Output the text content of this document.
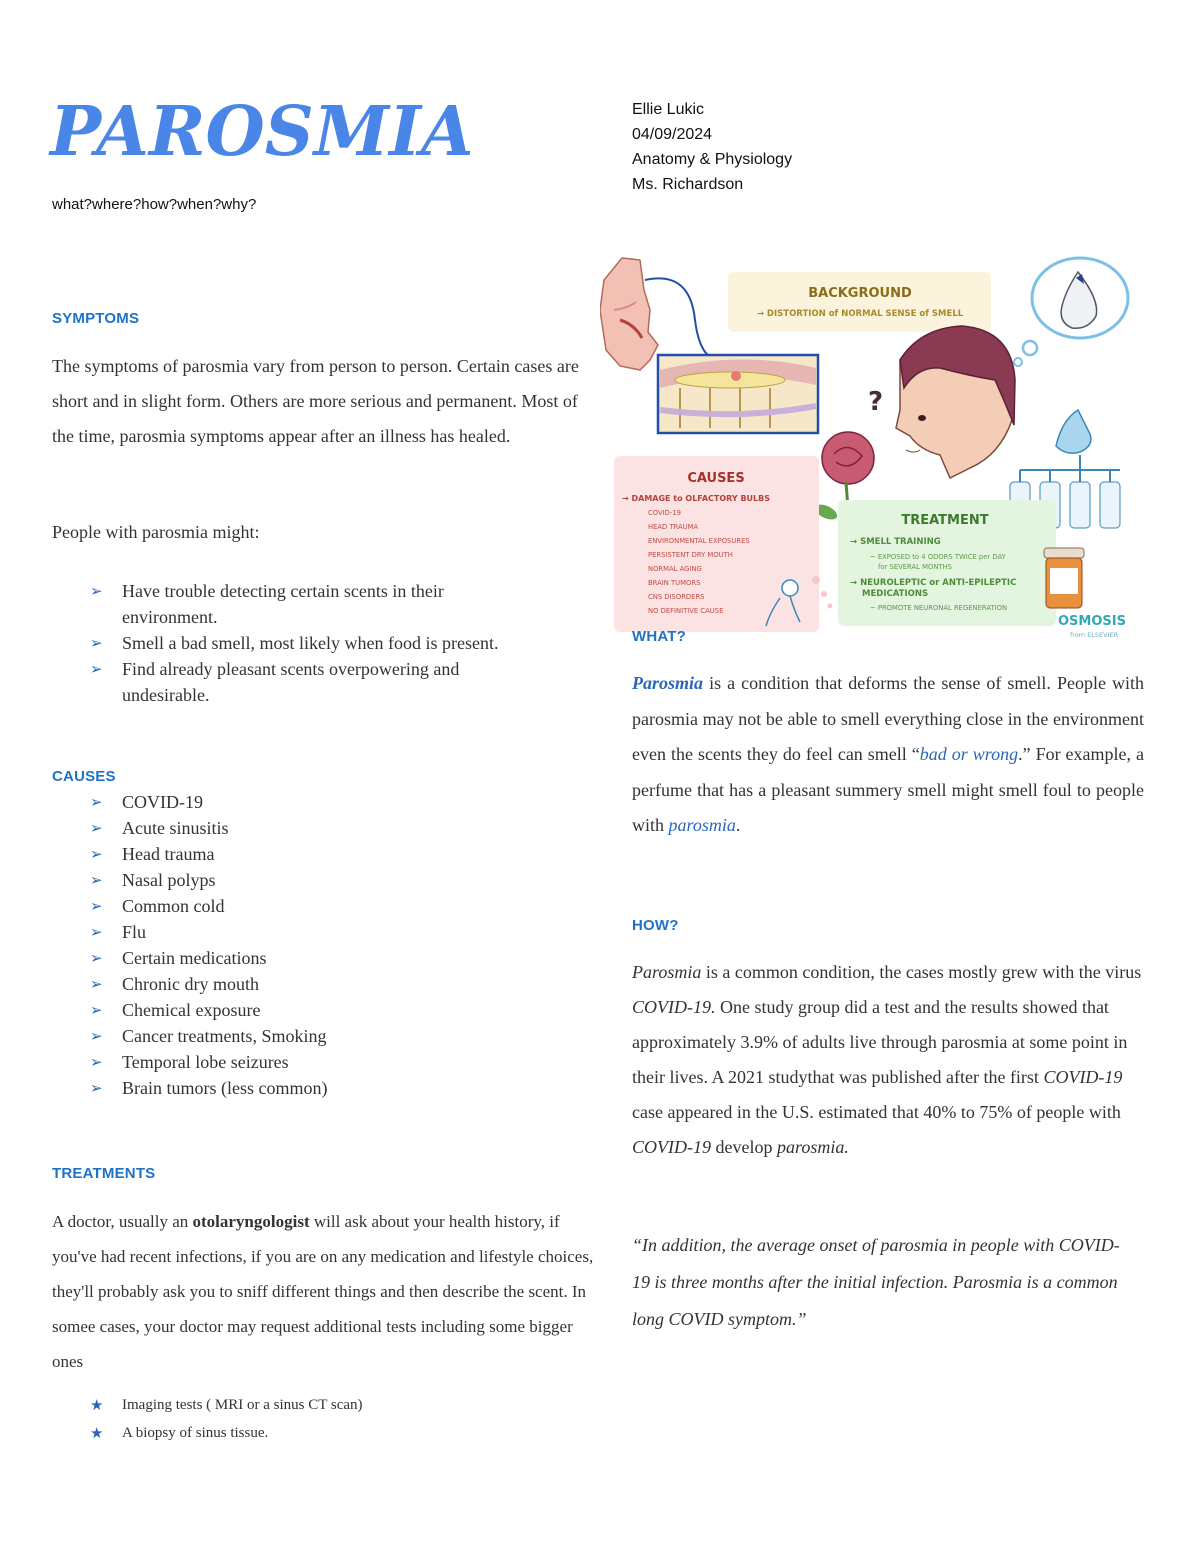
PAROSMIA
what?where?how?when?why?
Ellie Lukic
04/09/2024
Anatomy & Physiology
Ms. Richardson
SYMPTOMS

The symptoms of parosmia vary from person to person. Certain cases are short and in slight form. Others are more serious and permanent. Most of the time, parosmia symptoms appear after an illness has healed.

People with parosmia might:

➢ Have trouble detecting certain scents in their environment.
➢ Smell a bad smell, most likely when food is present.
➢ Find already pleasant scents overpowering and undesirable.
CAUSES
➢ COVID-19
➢ Acute sinusitis
➢ Head trauma
➢ Nasal polyps
➢ Common cold
➢ Flu
➢ Certain medications
➢ Chronic dry mouth
➢ Chemical exposure
➢ Cancer treatments, Smoking
➢ Temporal lobe seizures
➢ Brain tumors (less common)
TREATMENTS

A doctor, usually an otolaryngologist will ask about your health history, if you've had recent infections, if you are on any medication and lifestyle choices, they'll probably ask you to sniff different things and then describe the scent. In somee cases, your doctor may request additional tests including some bigger ones

★ Imaging tests ( MRI or a sinus CT scan)
★ A biopsy of sinus tissue.
BACKGROUND
→ DISTORTION of NORMAL SENSE of SMELL
?
CAUSES
→ DAMAGE to OLFACTORY BULBS
COVID-19
HEAD TRAUMA
ENVIRONMENTAL EXPOSURES
PERSISTENT DRY MOUTH
NORMAL AGING
BRAIN TUMORS
CNS DISORDERS
NO DEFINITIVE CAUSE
TREATMENT
→ SMELL TRAINING
~ EXPOSED to 4 ODORS TWICE per DAY
for SEVERAL MONTHS
→ NEUROLEPTIC or ANTI-EPILEPTIC
MEDICATIONS
~ PROMOTE NEURONAL REGENERATION
OSMOSIS
from ELSEVIER
WHAT?

Parosmia is a condition that deforms the sense of smell. People with parosmia may not be able to smell everything close in the environment even the scents they do feel can smell “bad or wrong.” For example, a perfume that has a pleasant summery smell might smell foul to people with parosmia.

HOW?

Parosmia is a common condition, the cases mostly grew with the virus COVID-19. One study group did a test and the results showed that approximately 3.9% of adults live through parosmia at some point in their lives. A 2021 studythat was published after the first COVID-19 case appeared in the U.S. estimated that 40% to 75% of people with COVID-19 develop parosmia.

“In addition, the average onset of parosmia in people with COVID-19 is three months after the initial infection. Parosmia is a common long COVID symptom.”
